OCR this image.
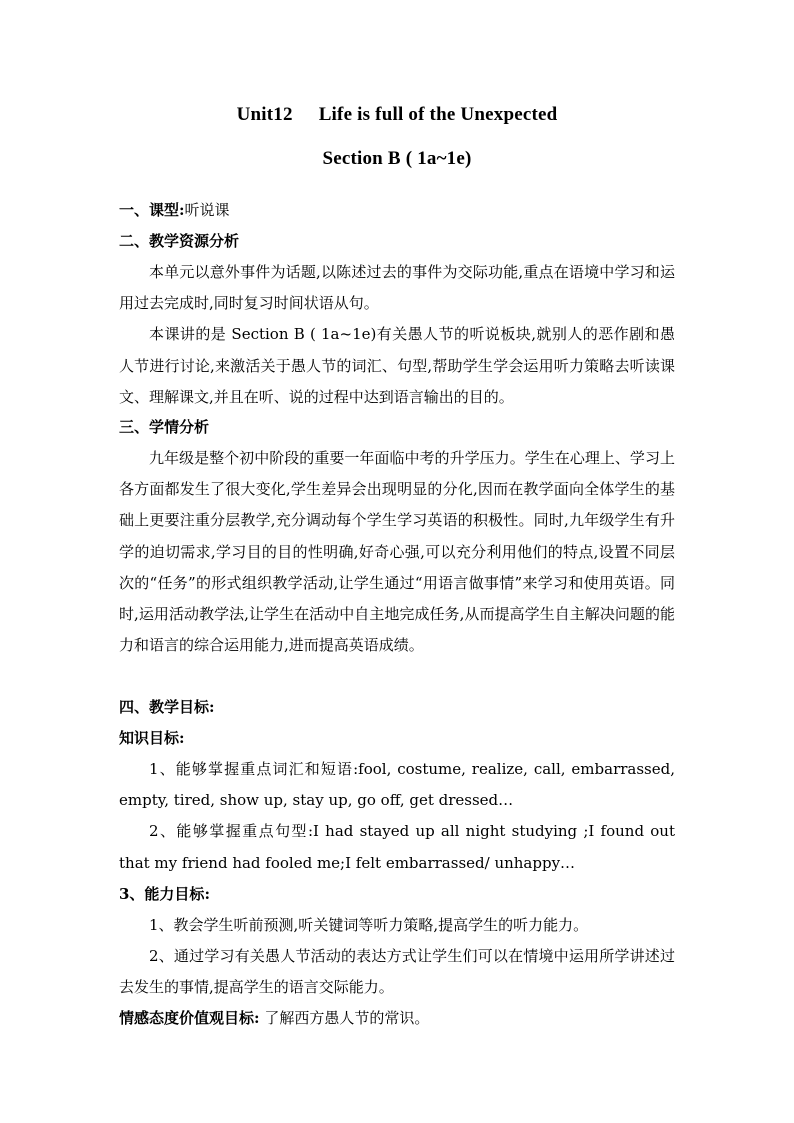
Unit12 Life is full of the Unexpected
Section B ( 1a~1e)
一、课型:听说课
二、教学资源分析

本单元以意外事件为话题,以陈述过去的事件为交际功能,重点在语境中学习和运用过去完成时,同时复习时间状语从句。

本课讲的是 Section B ( 1a~1e)有关愚人节的听说板块,就别人的恶作剧和愚人节进行讨论,来激活关于愚人节的词汇、句型,帮助学生学会运用听力策略去听读课文、理解课文,并且在听、说的过程中达到语言输出的目的。

三、学情分析

九年级是整个初中阶段的重要一年面临中考的升学压力。学生在心理上、学习上各方面都发生了很大变化,学生差异会出现明显的分化,因而在教学面向全体学生的基础上更要注重分层教学,充分调动每个学生学习英语的积极性。同时,九年级学生有升学的迫切需求,学习目的目的性明确,好奇心强,可以充分利用他们的特点,设置不同层次的“任务”的形式组织教学活动,让学生通过“用语言做事情”来学习和使用英语。同时,运用活动教学法,让学生在活动中自主地完成任务,从而提高学生自主解决问题的能力和语言的综合运用能力,进而提高英语成绩。

四、教学目标:
知识目标:

1、能够掌握重点词汇和短语:fool, costume, realize, call, embarrassed, empty, tired, show up, stay up, go off, get dressed…

2、能够掌握重点句型:I had stayed up all night studying ;I found out that my friend had fooled me;I felt embarrassed/ unhappy…

3、能力目标:

1、教会学生听前预测,听关键词等听力策略,提高学生的听力能力。

2、通过学习有关愚人节活动的表达方式让学生们可以在情境中运用所学讲述过去发生的事情,提高学生的语言交际能力。

情感态度价值观目标: 了解西方愚人节的常识。
